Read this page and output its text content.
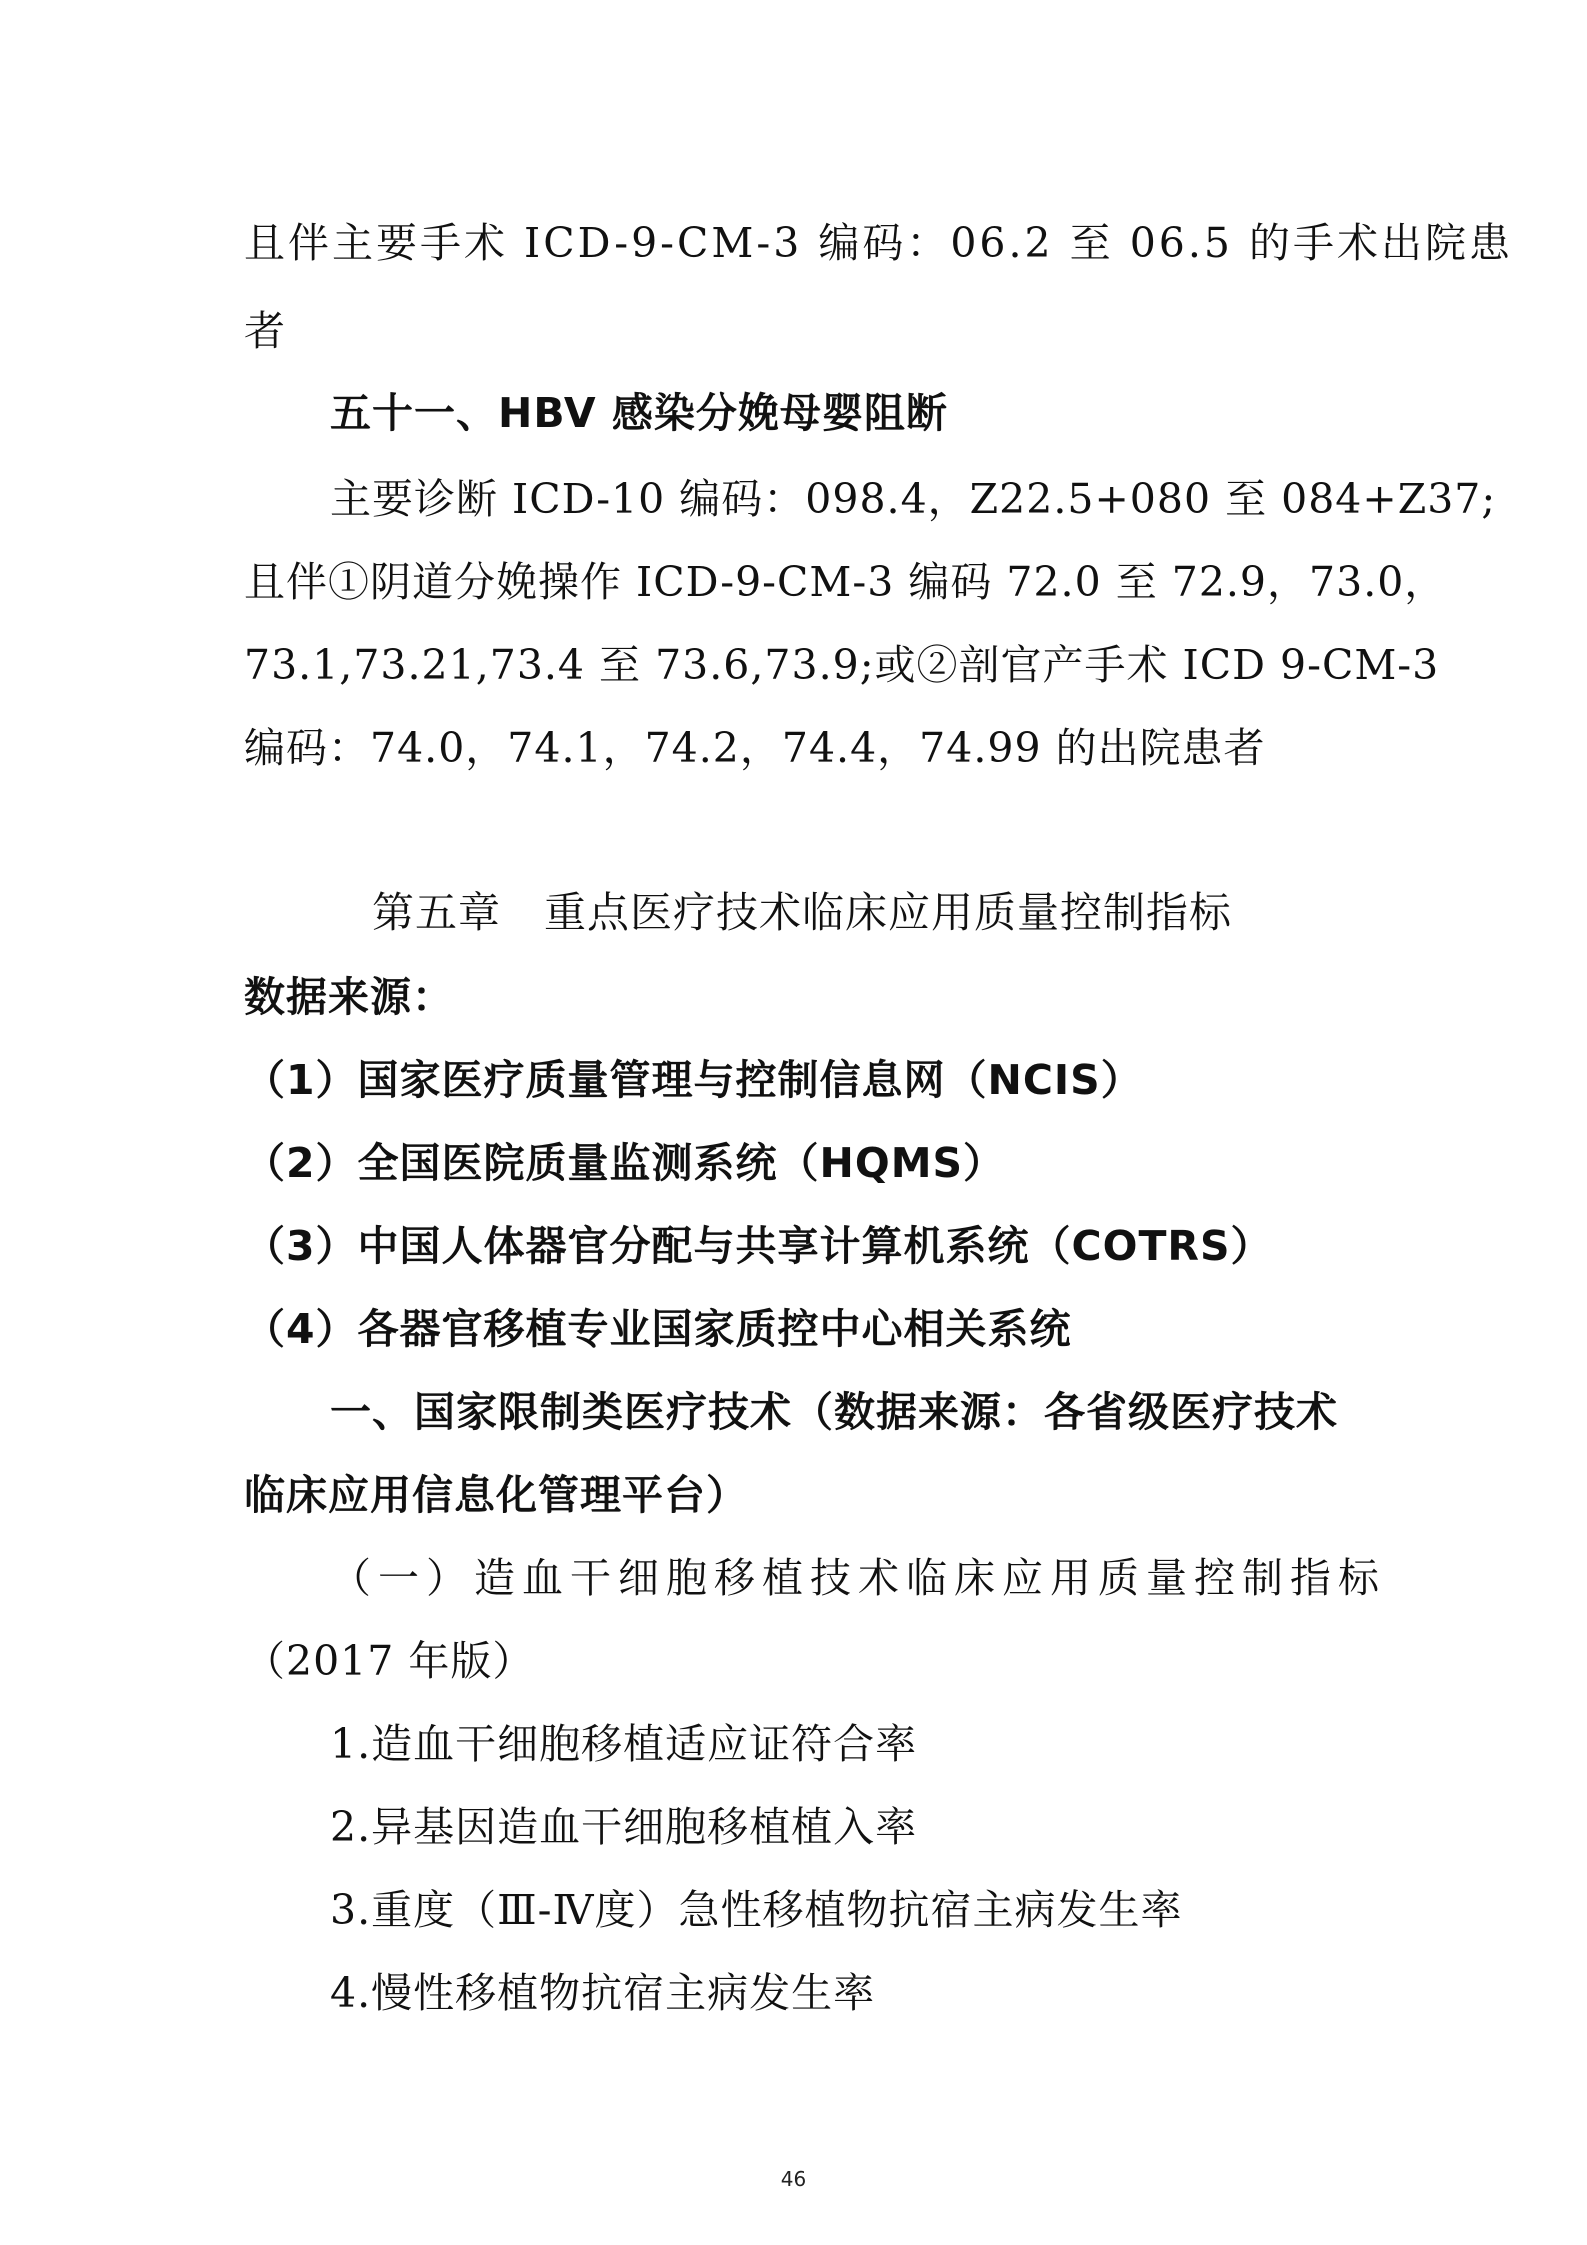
且伴主要手术 ICD-9-CM-3 编码：06.2 至 06.5 的手术出院患
者
五十一、HBV 感染分娩母婴阻断
主要诊断 ICD-10 编码：098.4，Z22.5+080 至 084+Z37;
且伴①阴道分娩操作 ICD-9-CM-3 编码 72.0 至 72.9，73.0，
73.1,73.21,73.4 至 73.6,73.9;或②剖官产手术 ICD 9-CM-3
编码：74.0，74.1，74.2，74.4，74.99 的出院患者
第五章　重点医疗技术临床应用质量控制指标
数据来源：
（1）国家医疗质量管理与控制信息网（NCIS）
（2）全国医院质量监测系统（HQMS）
（3）中国人体器官分配与共享计算机系统（COTRS）
（4）各器官移植专业国家质控中心相关系统
一、国家限制类医疗技术（数据来源：各省级医疗技术
临床应用信息化管理平台）
（一）造血干细胞移植技术临床应用质量控制指标
（2017 年版）
1.造血干细胞移植适应证符合率
2.异基因造血干细胞移植植入率
3.重度（Ⅲ-Ⅳ度）急性移植物抗宿主病发生率
4.慢性移植物抗宿主病发生率
46
